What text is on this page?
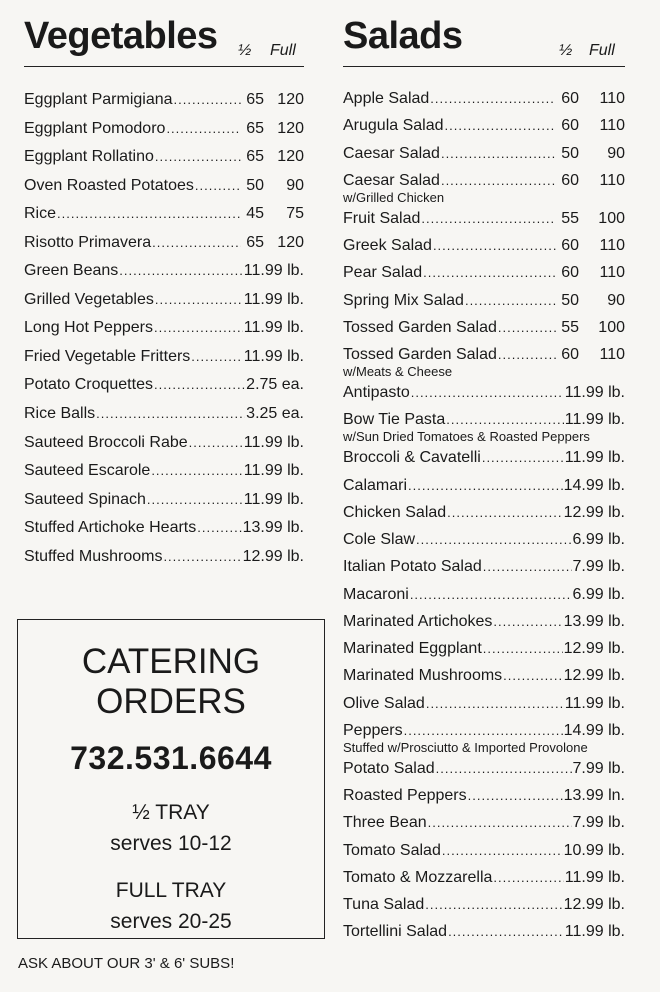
Vegetables ½ Full
Eggplant Parmigiana .....	65 120
Eggplant Pomodoro .....	65 120
Eggplant Rollatino .....	65 120
Oven Roasted Potatoes .....	50	90
Rice .....	45	75
Risotto Primavera .....	65 120
Green Beans .....	11.99 lb.
Grilled Vegetables .....	11.99 lb.
Long Hot Peppers .....	11.99 lb.
Fried Vegetable Fritters .....	11.99 lb.
Potato Croquettes .....	2.75 ea.
Rice Balls .....	3.25 ea.
Sauteed Broccoli Rabe .....	11.99 lb.
Sauteed Escarole .....	11.99 lb.
Sauteed Spinach .....	11.99 lb.
Stuffed Artichoke Hearts .....	13.99 lb.
Stuffed Mushrooms .....	12.99 lb.
Salads	½ Full
Apple Salad .....	60	110
Arugula Salad .....	60	110
Caesar Salad .....	50	90
Caesar Salad .....	60	110
w/Grilled Chicken
Fruit Salad .....	55	100
Greek Salad .....	60	110
Pear Salad .....	60	110
Spring Mix Salad .....	50	90
Tossed Garden Salad .....	55	100
Tossed Garden Salad .....	60	110
w/Meats & Cheese
Antipasto .....	11.99 lb.
Bow Tie Pasta .....	11.99 lb.
w/Sun Dried Tomatoes & Roasted Peppers
Broccoli & Cavatelli .....	11.99 lb.
Calamari .....	14.99 lb.
Chicken Salad .....	12.99 lb.
Cole Slaw .....	6.99 lb.
Italian Potato Salad .....	7.99 lb.
Macaroni .....	6.99 lb.
Marinated Artichokes .....	13.99 lb.
Marinated Eggplant .....	12.99 lb.
Marinated Mushrooms .....	12.99 lb.
Olive Salad .....	11.99 lb.
Peppers .....	14.99 lb.
Stuffed w/Prosciutto & Imported Provolone
Potato Salad .....	7.99 lb.
Roasted Peppers .....	13.99 ln.
Three Bean .....	7.99 lb.
Tomato Salad .....	10.99 lb.
Tomato & Mozzarella .....	11.99 lb.
Tuna Salad .....	12.99 lb.
Tortellini Salad .....	11.99 lb.
CATERING
ORDERS
732.531.6644
½ TRAY
serves 10-12
FULL TRAY
serves 20-25
ASK ABOUT OUR 3' & 6' SUBS!
